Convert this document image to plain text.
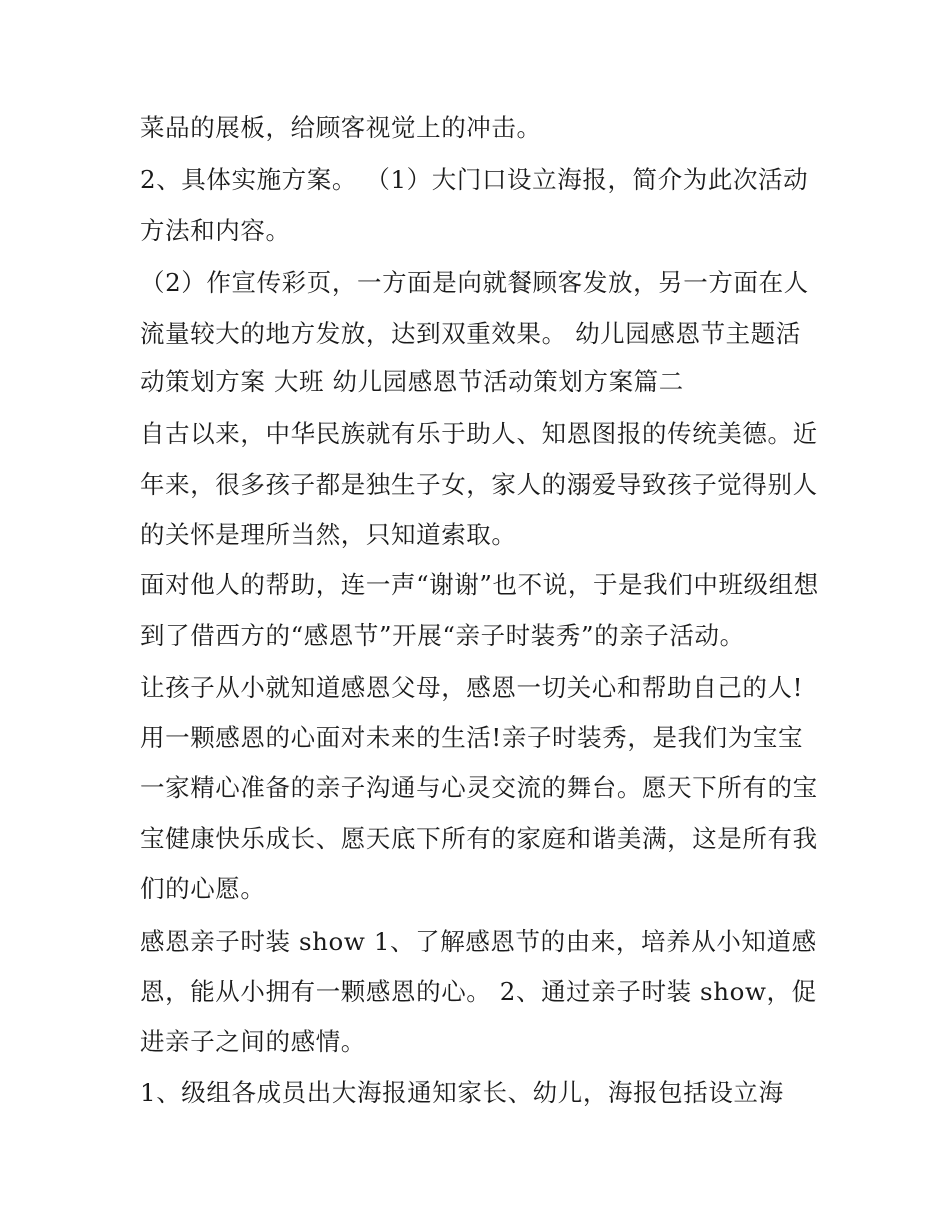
菜品的展板，给顾客视觉上的冲击。
2、具体实施方案。 （1）大门口设立海报，简介为此次活动
方法和内容。
（2）作宣传彩页，一方面是向就餐顾客发放，另一方面在人
流量较大的地方发放，达到双重效果。 幼儿园感恩节主题活
动策划方案 大班 幼儿园感恩节活动策划方案篇二
自古以来，中华民族就有乐于助人、知恩图报的传统美德。近
年来，很多孩子都是独生子女，家人的溺爱导致孩子觉得别人
的关怀是理所当然，只知道索取。
面对他人的帮助，连一声“谢谢”也不说，于是我们中班级组想
到了借西方的“感恩节”开展“亲子时装秀”的亲子活动。
让孩子从小就知道感恩父母，感恩一切关心和帮助自己的人!
用一颗感恩的心面对未来的生活!亲子时装秀，是我们为宝宝
一家精心准备的亲子沟通与心灵交流的舞台。愿天下所有的宝
宝健康快乐成长、愿天底下所有的家庭和谐美满，这是所有我
们的心愿。
感恩亲子时装 show 1、了解感恩节的由来，培养从小知道感
恩，能从小拥有一颗感恩的心。 2、通过亲子时装 show，促
进亲子之间的感情。
1、级组各成员出大海报通知家长、幼儿，海报包括设立海
